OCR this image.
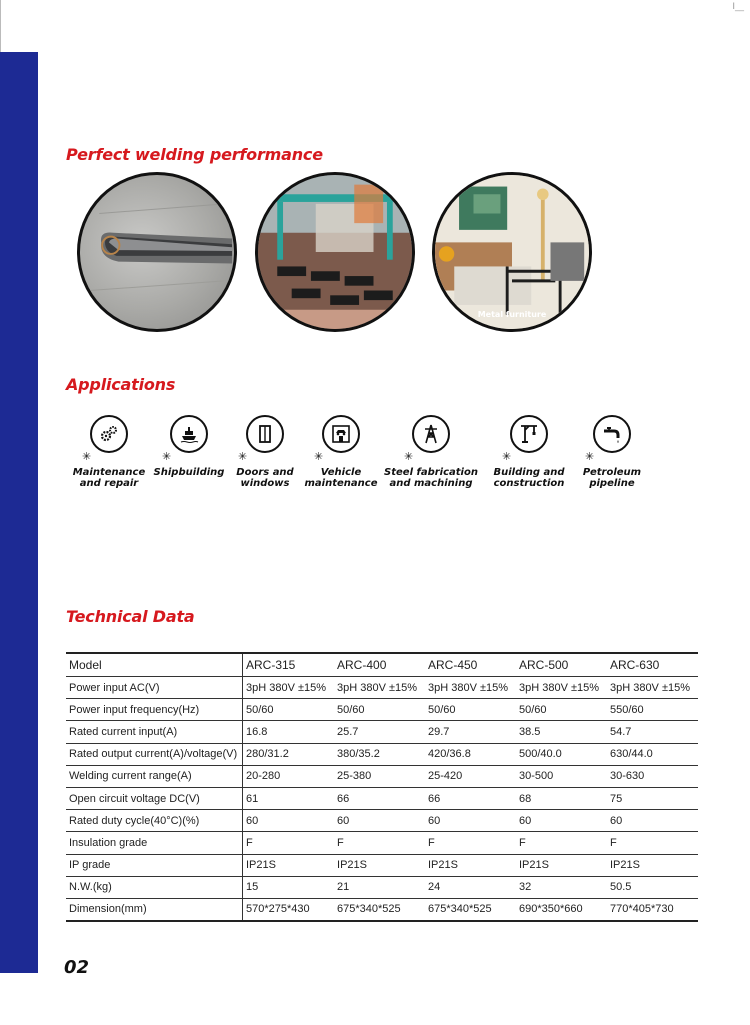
I__
Perfect welding performance
Metal furniture
Applications
✳
Maintenance
and repair
✳
Shipbuilding
✳
Doors and
windows
✳
Vehicle
maintenance
✳
Steel fabrication
and machining
✳
Building and
construction
✳
Petroleum
pipeline
Technical Data
Model	ARC-315	ARC-400	ARC-450	ARC-500	ARC-630
Power input AC(V)	3pH 380V ±15%	3pH 380V ±15%	3pH 380V ±15%	3pH 380V ±15%	3pH 380V ±15%
Power input frequency(Hz)	50/60	50/60	50/60	50/60	550/60
Rated current input(A)	16.8	25.7	29.7	38.5	54.7
Rated output current(A)/voltage(V)	280/31.2	380/35.2	420/36.8	500/40.0	630/44.0
Welding current range(A)	20-280	25-380	25-420	30-500	30-630
Open circuit voltage DC(V)	61	66	66	68	75
Rated duty cycle(40°C)(%)	60	60	60	60	60
Insulation grade	F	F	F	F	F
IP grade	IP21S	IP21S	IP21S	IP21S	IP21S
N.W.(kg)	15	21	24	32	50.5
Dimension(mm)	570*275*430	675*340*525	675*340*525	690*350*660	770*405*730
02
